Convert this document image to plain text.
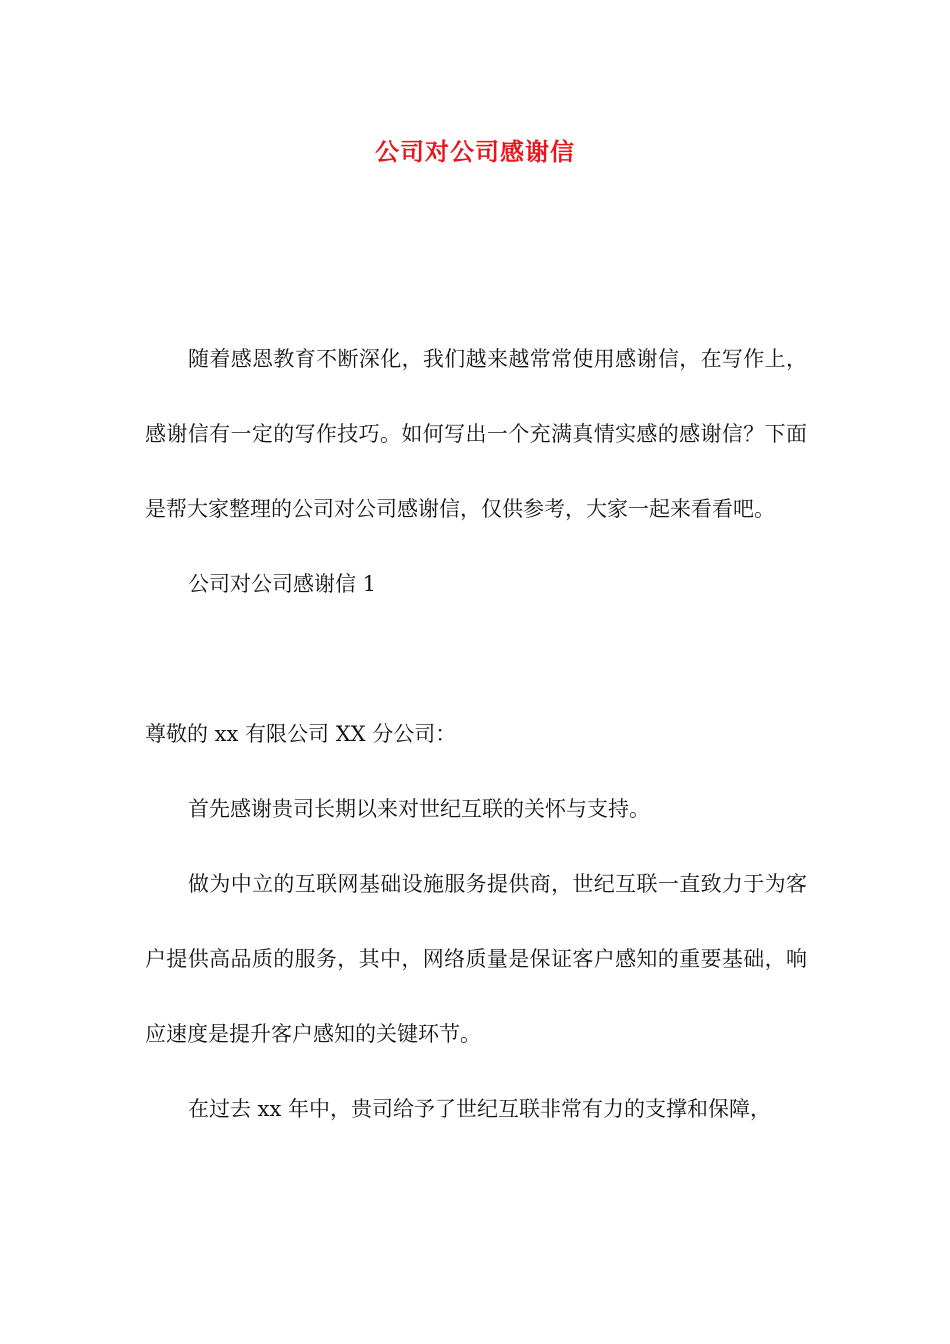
公司对公司感谢信

随着感恩教育不断深化，我们越来越常常使用感谢信，在写作上，感谢信有一定的写作技巧。如何写出一个充满真情实感的感谢信？下面是帮大家整理的公司对公司感谢信，仅供参考，大家一起来看看吧。

公司对公司感谢信 1

尊敬的 xx 有限公司 XX 分公司：

首先感谢贵司长期以来对世纪互联的关怀与支持。

做为中立的互联网基础设施服务提供商，世纪互联一直致力于为客户提供高品质的服务，其中，网络质量是保证客户感知的重要基础，响应速度是提升客户感知的关键环节。

在过去 xx 年中，贵司给予了世纪互联非常有力的支撑和保障，
